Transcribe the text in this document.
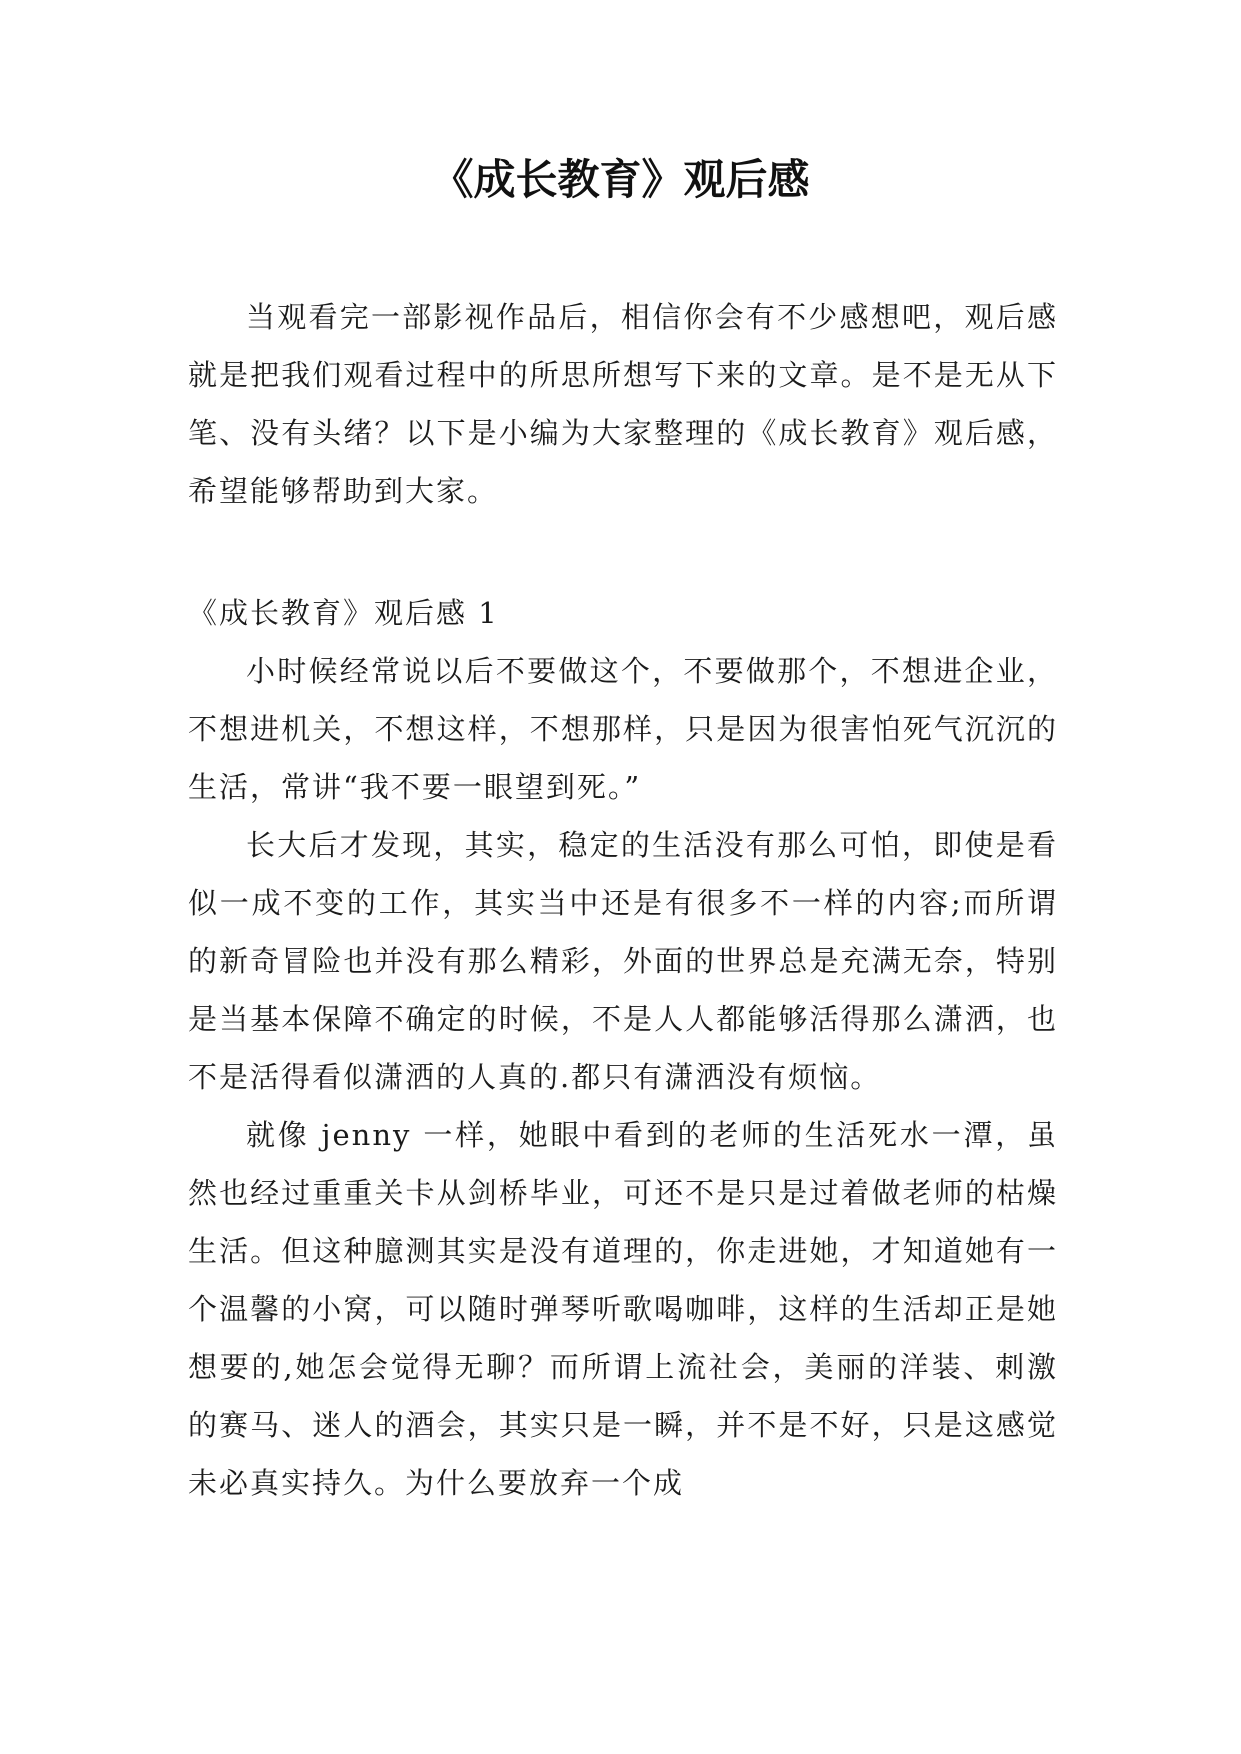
《成长教育》观后感

当观看完一部影视作品后，相信你会有不少感想吧，观后感就是把我们观看过程中的所思所想写下来的文章。是不是无从下笔、没有头绪？以下是小编为大家整理的《成长教育》观后感，希望能够帮助到大家。

《成长教育》观后感 1

小时候经常说以后不要做这个，不要做那个，不想进企业，不想进机关，不想这样，不想那样，只是因为很害怕死气沉沉的生活，常讲“我不要一眼望到死。”

长大后才发现，其实，稳定的生活没有那么可怕，即使是看似一成不变的工作，其实当中还是有很多不一样的内容;而所谓的新奇冒险也并没有那么精彩，外面的世界总是充满无奈，特别是当基本保障不确定的时候，不是人人都能够活得那么潇洒，也不是活得看似潇洒的人真的.都只有潇洒没有烦恼。

就像 jenny 一样，她眼中看到的老师的生活死水一潭，虽然也经过重重关卡从剑桥毕业，可还不是只是过着做老师的枯燥生活。但这种臆测其实是没有道理的，你走进她，才知道她有一个温馨的小窝，可以随时弹琴听歌喝咖啡，这样的生活却正是她想要的,她怎会觉得无聊？而所谓上流社会，美丽的洋装、刺激的赛马、迷人的酒会，其实只是一瞬，并不是不好，只是这感觉未必真实持久。为什么要放弃一个成
